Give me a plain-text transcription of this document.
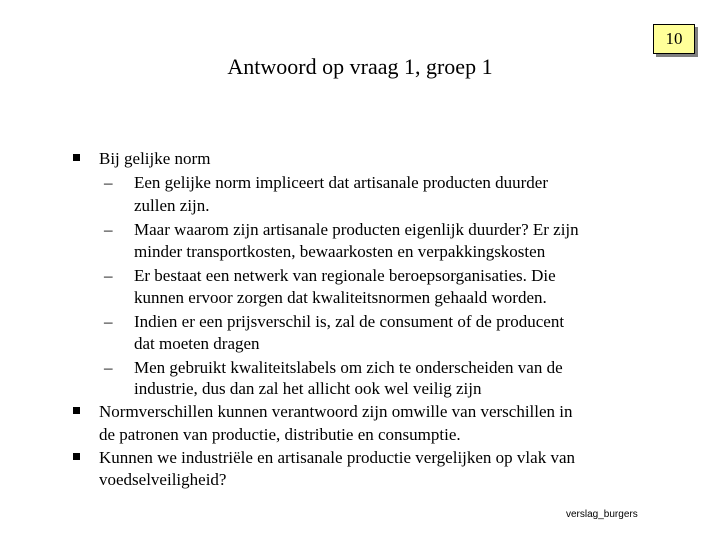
10
Antwoord op vraag 1, groep 1
Bij gelijke norm
– Een gelijke norm impliceert dat artisanale producten duurder
zullen zijn.
– Maar waarom zijn artisanale producten eigenlijk duurder? Er zijn
minder transportkosten, bewaarkosten en verpakkingskosten
– Er bestaat een netwerk van regionale beroepsorganisaties. Die
kunnen ervoor zorgen dat kwaliteitsnormen gehaald worden.
– Indien er een prijsverschil is, zal de consument of de producent
dat moeten dragen
– Men gebruikt kwaliteitslabels om zich te onderscheiden van de
industrie, dus dan zal het allicht ook wel veilig zijn
Normverschillen kunnen verantwoord zijn omwille van verschillen in
de patronen van productie, distributie en consumptie.
Kunnen we industriële en artisanale productie vergelijken op vlak van
voedselveiligheid?
verslag_burgers
